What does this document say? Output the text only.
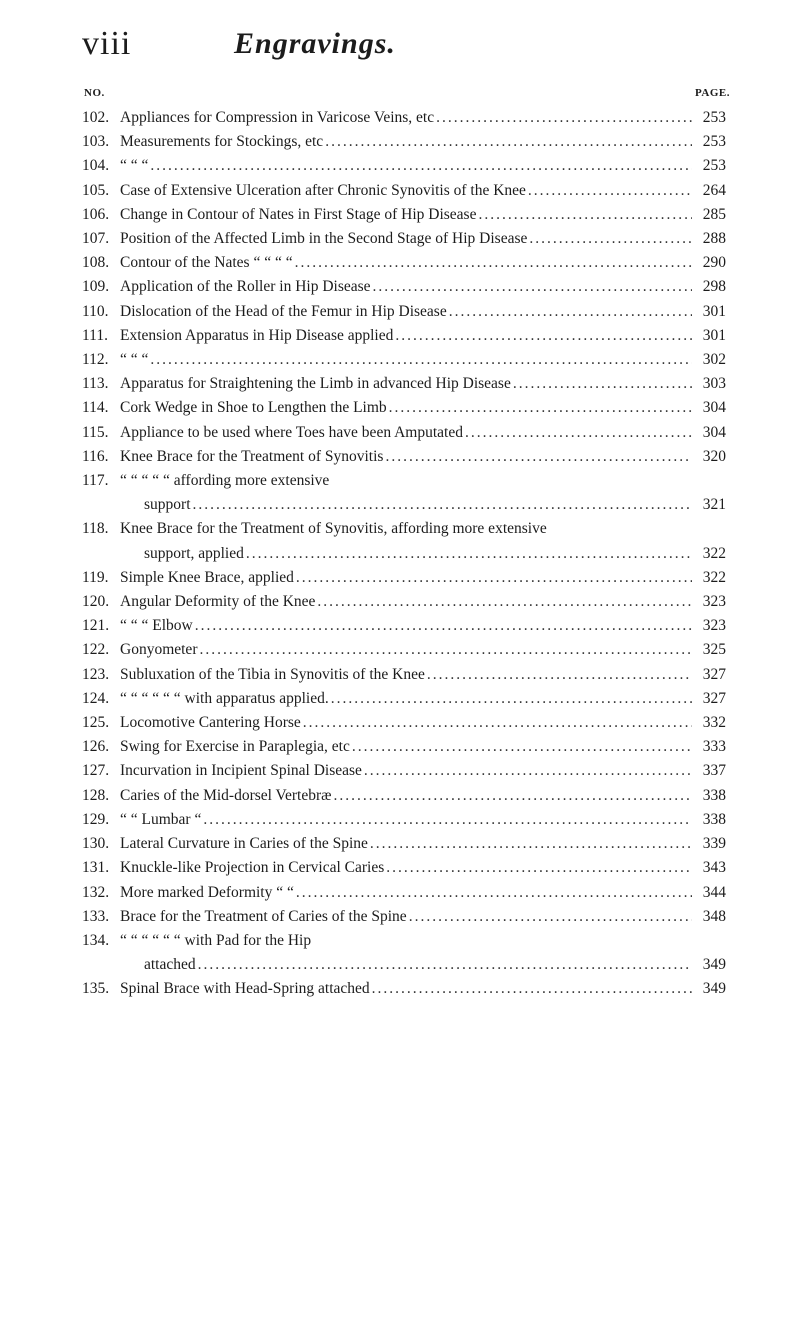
viii	Engravings.
NO.	PAGE.
102. Appliances for Compression in Varicose Veins, etc .....	253
103. Measurements for Stockings, etc .....	253
104. “ “ “ .....	253
105. Case of Extensive Ulceration after Chronic Synovitis of the Knee .....	264
106. Change in Contour of Nates in First Stage of Hip Disease .....	285
107. Position of the Affected Limb in the Second Stage of Hip Disease .....	288
108. Contour of the Nates “ “ “ “ .....	290
109. Application of the Roller in Hip Disease .....	298
110. Dislocation of the Head of the Femur in Hip Disease .....	301
111. Extension Apparatus in Hip Disease applied .....	301
112. “ “ “ .....	302
113. Apparatus for Straightening the Limb in advanced Hip Disease .....	303
114. Cork Wedge in Shoe to Lengthen the Limb .....	304
115. Appliance to be used where Toes have been Amputated .....	304
116. Knee Brace for the Treatment of Synovitis .....	320
117. “ “ “ “ “ affording more extensive
support .....	321
118. Knee Brace for the Treatment of Synovitis, affording more extensive
support, applied .....	322
119. Simple Knee Brace, applied .....	322
120. Angular Deformity of the Knee .....	323
121. “ “ “ Elbow .....	323
122. Gonyometer .....	325
123. Subluxation of the Tibia in Synovitis of the Knee .....	327
124. “ “ “ “ “ “ with apparatus applied. .....	327
125. Locomotive Cantering Horse .....	332
126. Swing for Exercise in Paraplegia, etc .....	333
127. Incurvation in Incipient Spinal Disease .....	337
128. Caries of the Mid-dorsel Vertebræ .....	338
129. “ “ Lumbar “ .....	338
130. Lateral Curvature in Caries of the Spine .....	339
131. Knuckle-like Projection in Cervical Caries .....	343
132. More marked Deformity “ “ .....	344
133. Brace for the Treatment of Caries of the Spine .....	348
134. “ “ “ “ “ “ with Pad for the Hip
attached .....	349
135. Spinal Brace with Head-Spring attached .....	349
